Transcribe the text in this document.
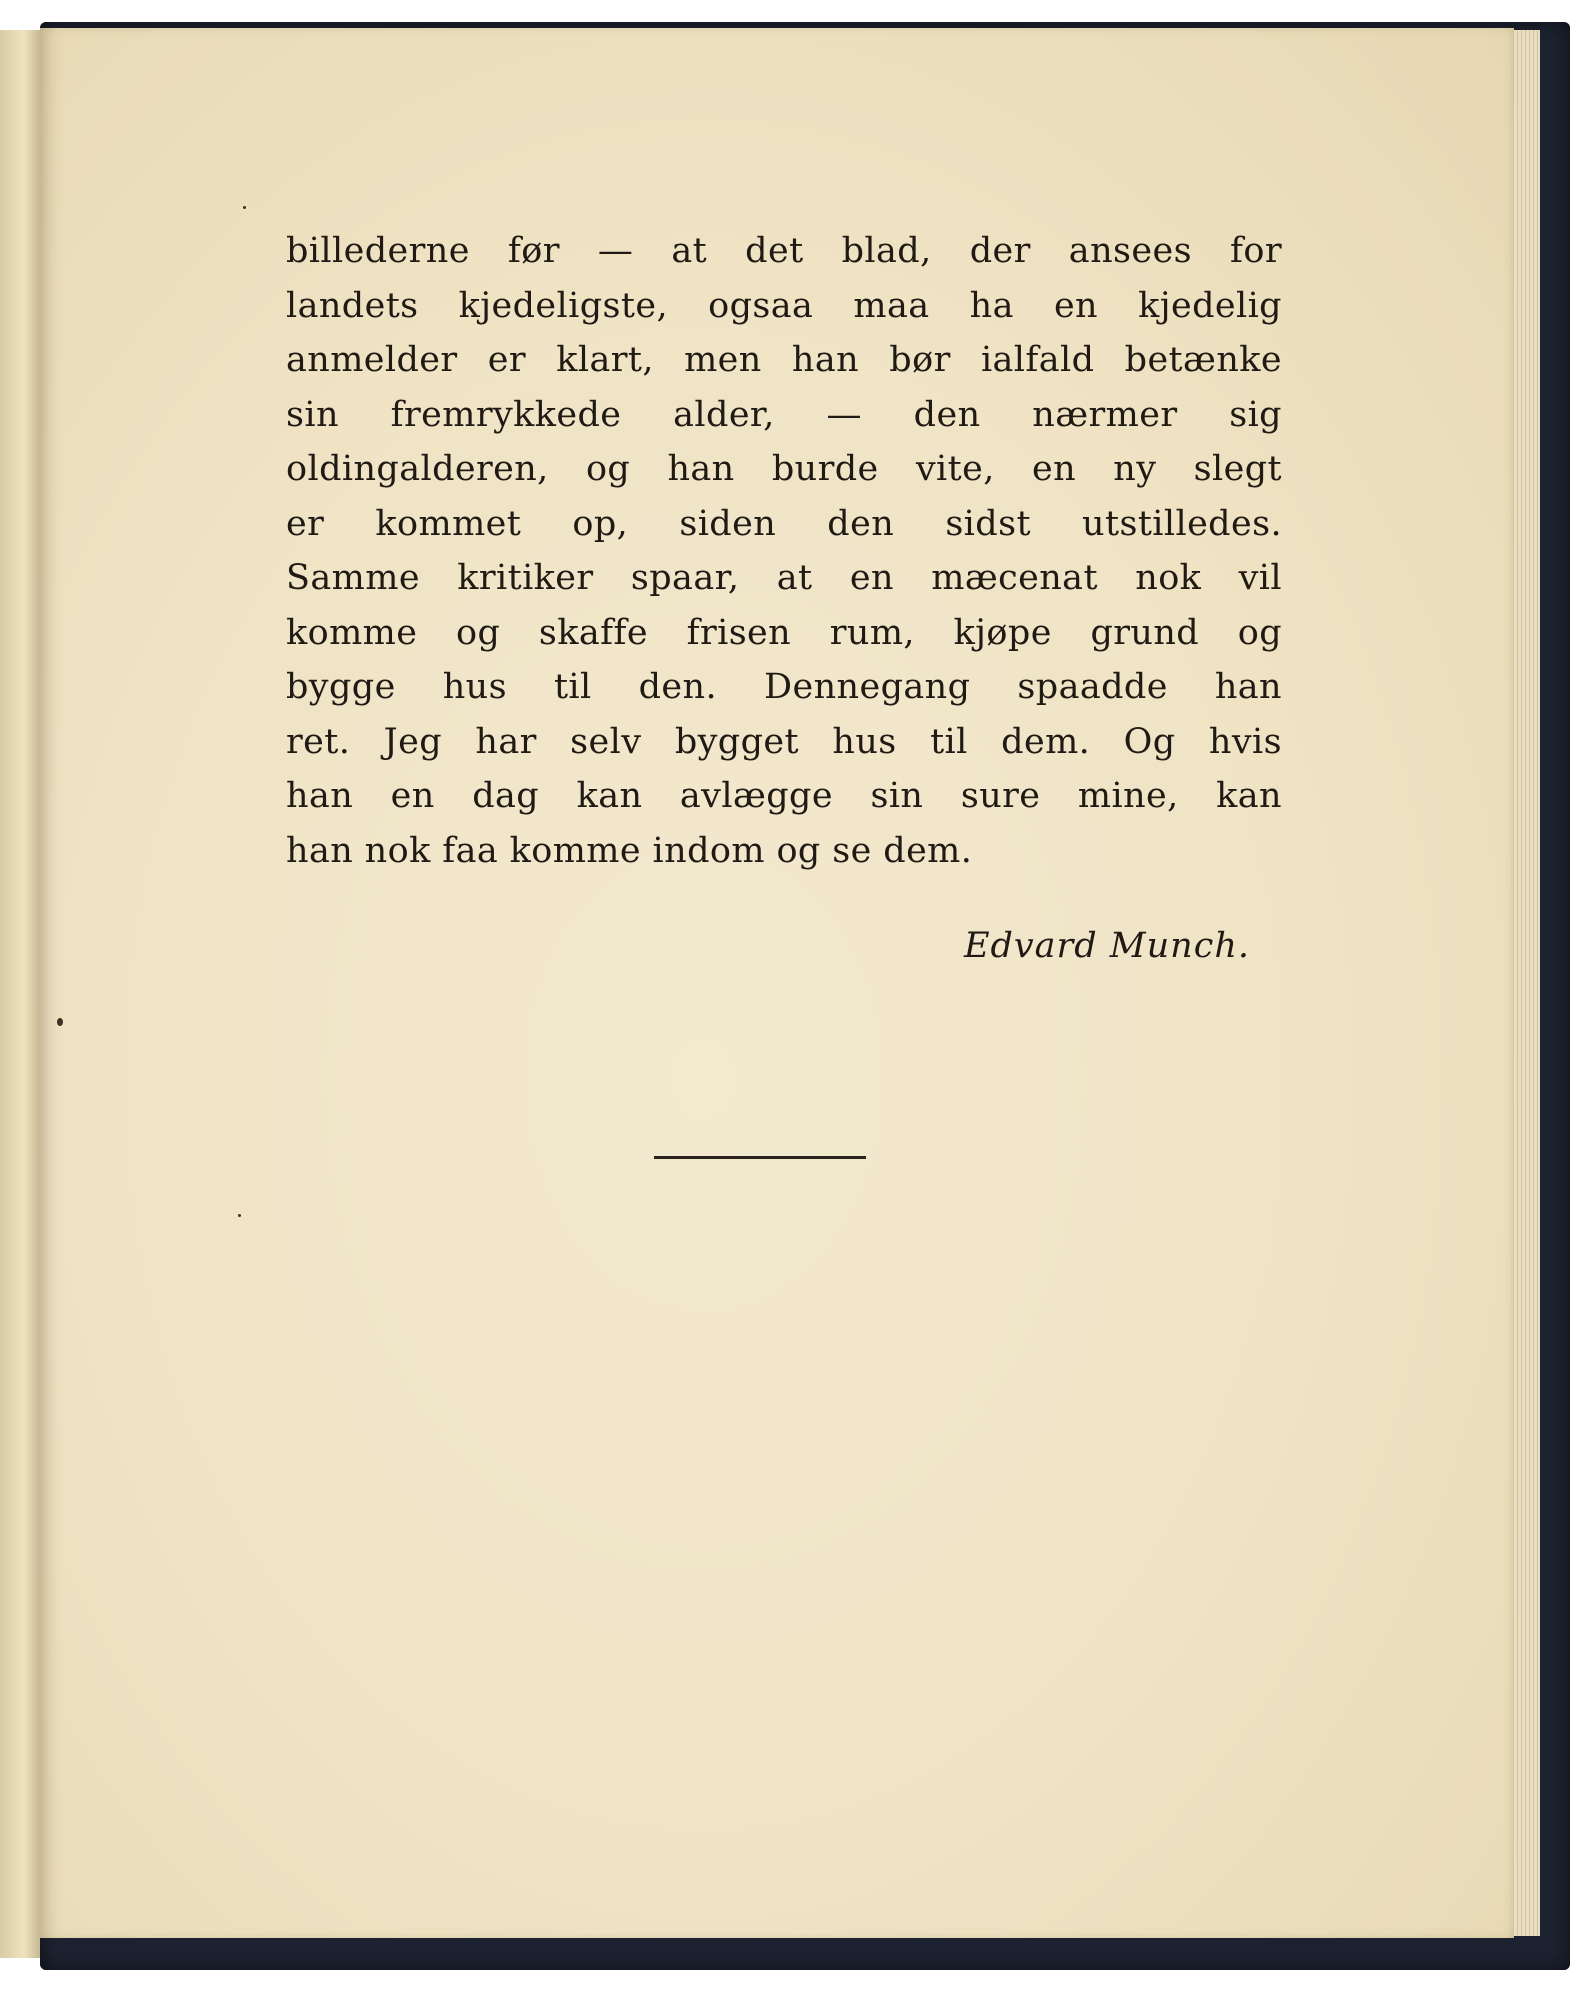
billederne før — at det blad, der ansees for
landets kjedeligste, ogsaa maa ha en kjedelig
anmelder er klart, men han bør ialfald betænke
sin fremrykkede alder, — den nærmer sig
oldingalderen, og han burde vite, en ny slegt
er kommet op, siden den sidst utstilledes.
Samme kritiker spaar, at en mæcenat nok vil
komme og skaffe frisen rum, kjøpe grund og
bygge hus til den. Dennegang spaadde han
ret. Jeg har selv bygget hus til dem. Og hvis
han en dag kan avlægge sin sure mine, kan
han nok faa komme indom og se dem.
Edvard Munch.
